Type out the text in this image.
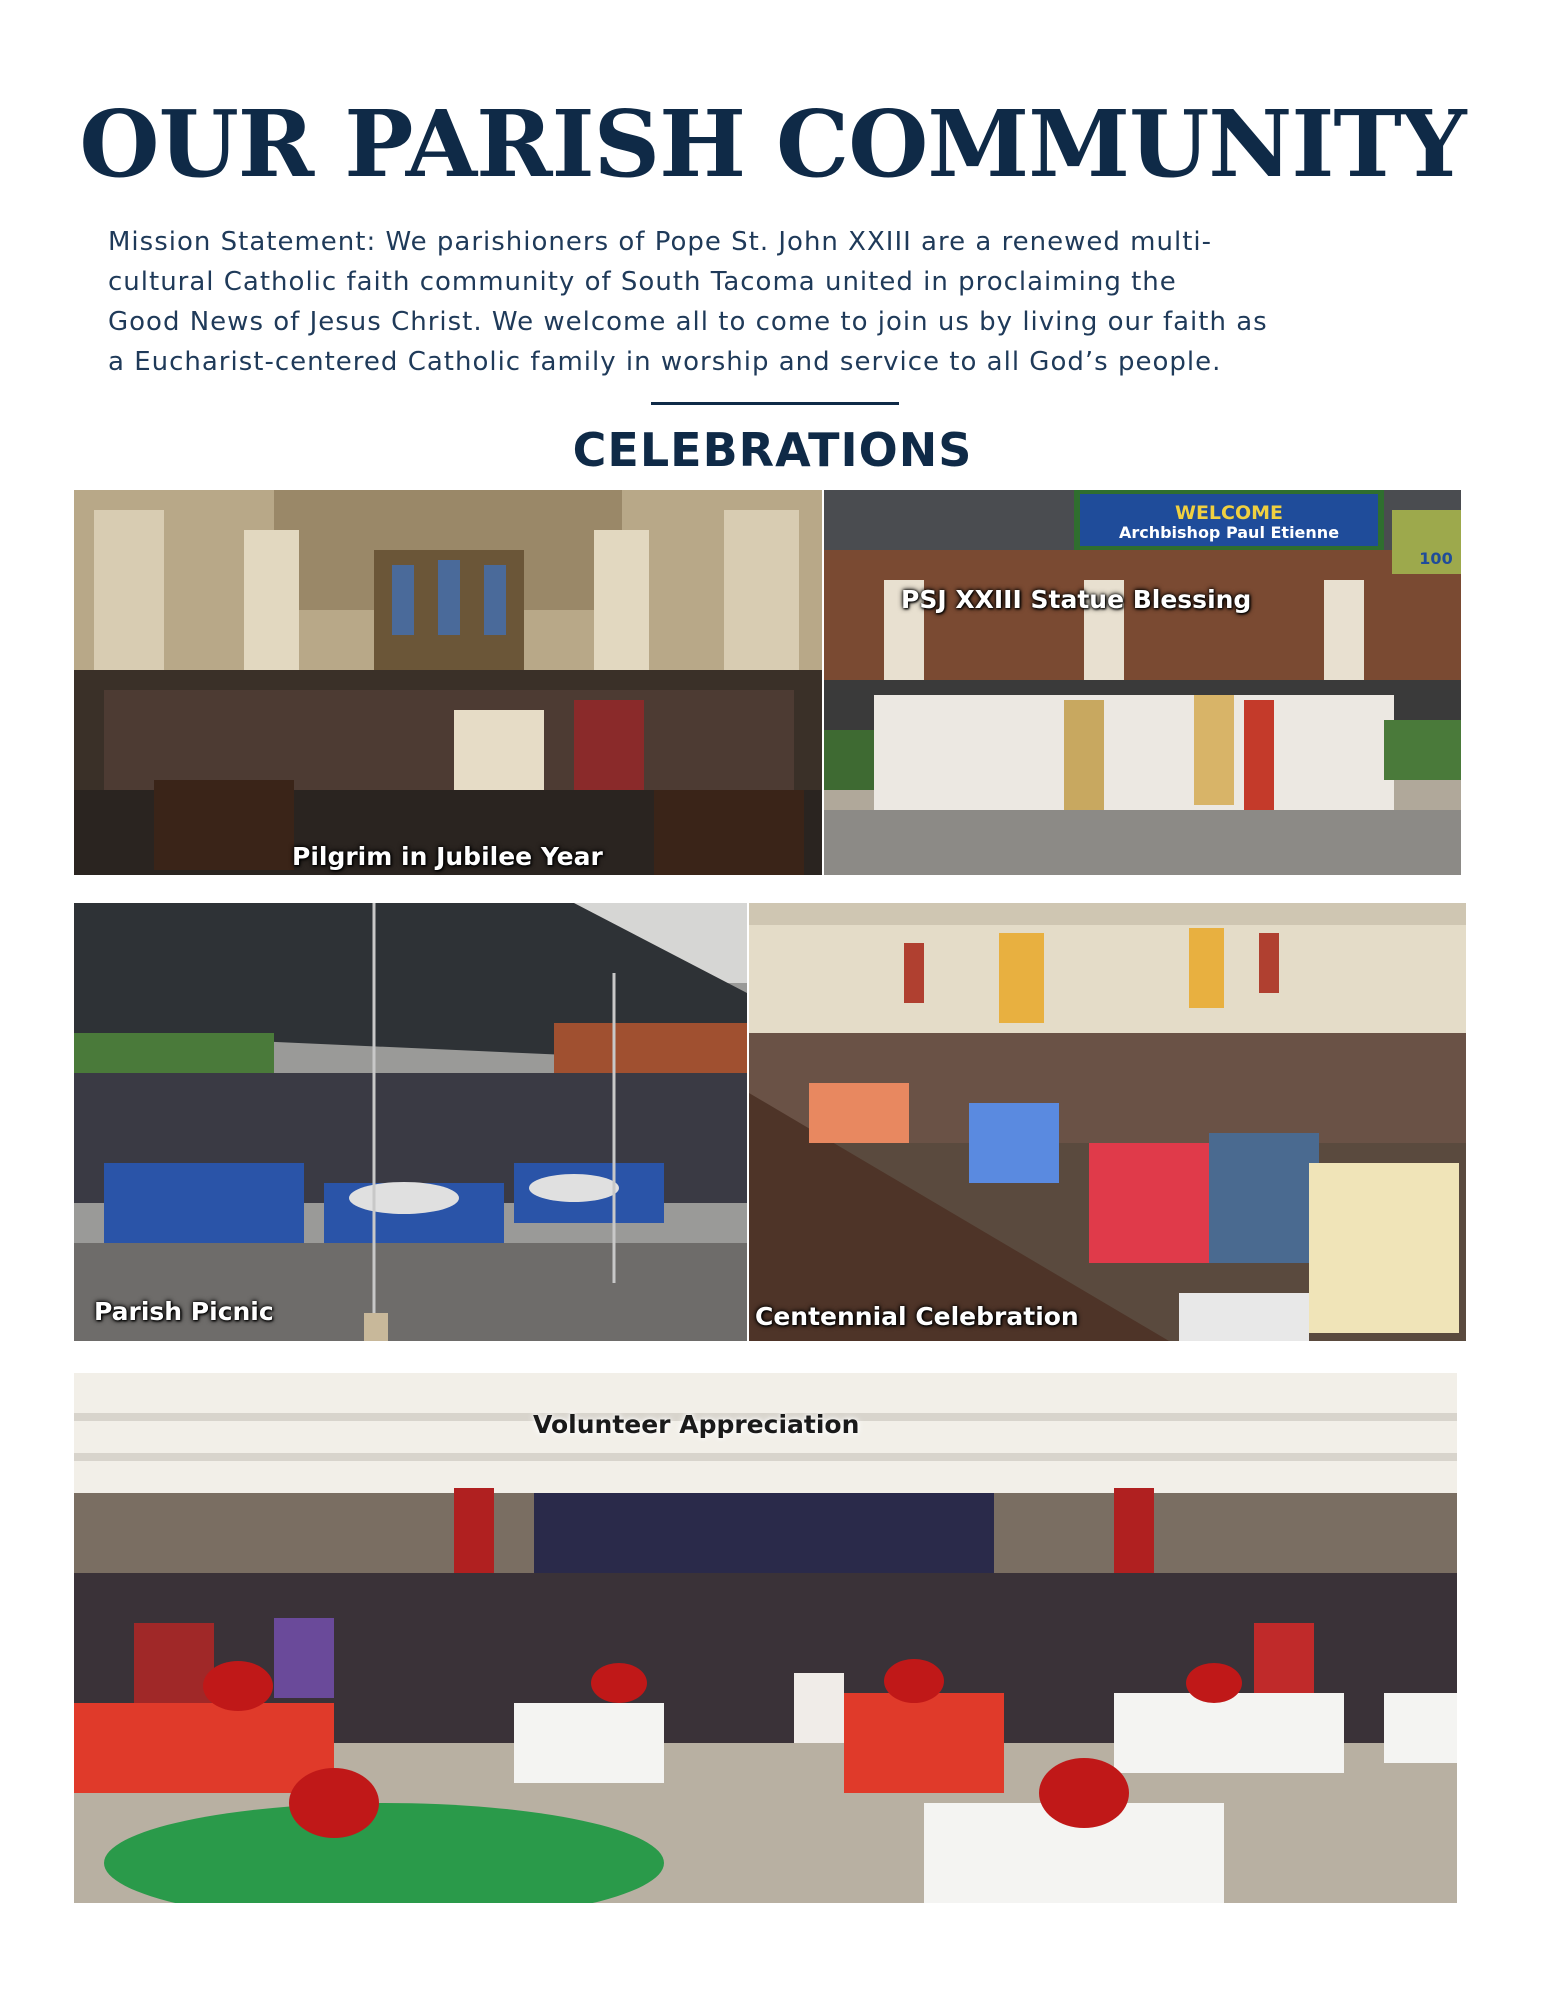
OUR PARISH COMMUNITY
Mission Statement: We parishioners of Pope St. John XXIII are a renewed multi-
cultural Catholic faith community of South Tacoma united in proclaiming the
Good News of Jesus Christ. We welcome all to come to join us by living our faith as
a Eucharist-centered Catholic family in worship and service to all God’s people.
CELEBRATIONS
Pilgrim in Jubilee Year
WELCOME
Archbishop Paul Etienne
100
PSJ XXIII Statue Blessing
Parish Picnic	Centennial Celebration
Volunteer Appreciation
